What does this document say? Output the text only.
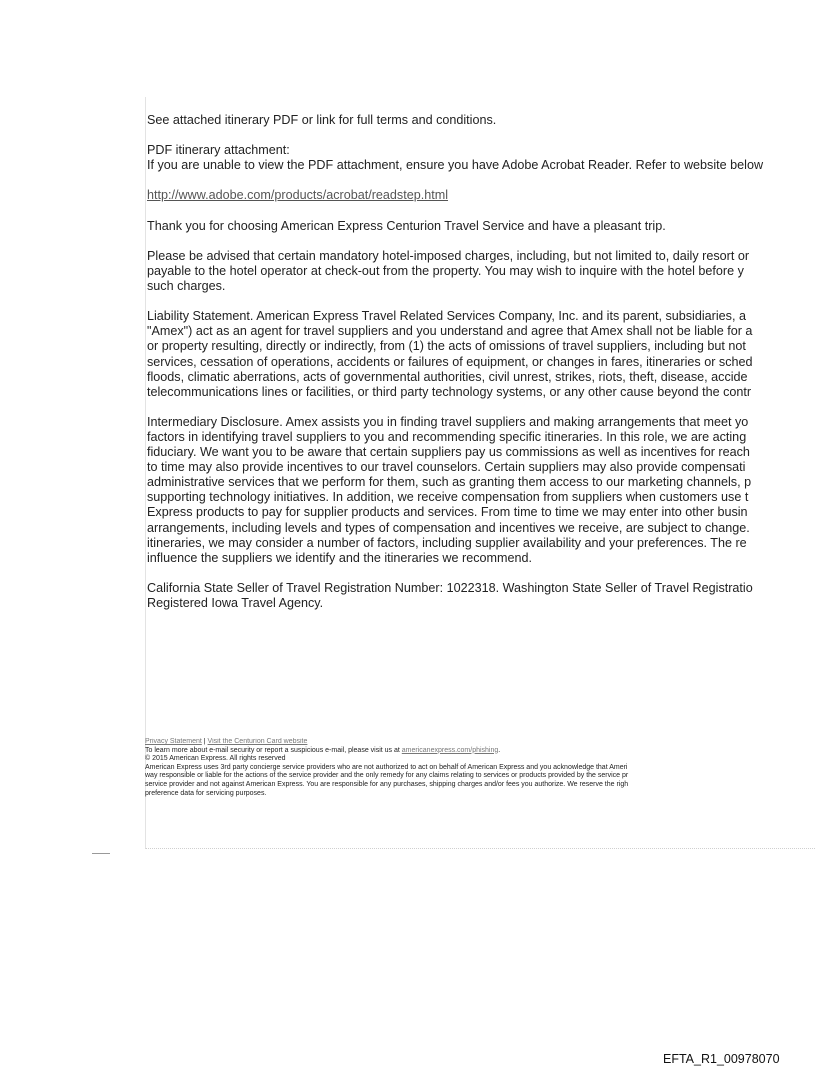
See attached itinerary PDF or link for full terms and conditions.
PDF itinerary attachment:
If you are unable to view the PDF attachment, ensure you have Adobe Acrobat Reader. Refer to website below
http://www.adobe.com/products/acrobat/readstep.html
Thank you for choosing American Express Centurion Travel Service and have a pleasant trip.
Please be advised that certain mandatory hotel-imposed charges, including, but not limited to, daily resort or
payable to the hotel operator at check-out from the property. You may wish to inquire with the hotel before y
such charges.
Liability Statement. American Express Travel Related Services Company, Inc. and its parent, subsidiaries, a
"Amex") act as an agent for travel suppliers and you understand and agree that Amex shall not be liable for a
or property resulting, directly or indirectly, from (1) the acts of omissions of travel suppliers, including but not
services, cessation of operations, accidents or failures of equipment, or changes in fares, itineraries or sched
floods, climatic aberrations, acts of governmental authorities, civil unrest, strikes, riots, theft, disease, accide
telecommunications lines or facilities, or third party technology systems, or any other cause beyond the contr
Intermediary Disclosure. Amex assists you in finding travel suppliers and making arrangements that meet yo
factors in identifying travel suppliers to you and recommending specific itineraries. In this role, we are acting
fiduciary. We want you to be aware that certain suppliers pay us commissions as well as incentives for reach
to time may also provide incentives to our travel counselors. Certain suppliers may also provide compensati
administrative services that we perform for them, such as granting them access to our marketing channels, p
supporting technology initiatives. In addition, we receive compensation from suppliers when customers use t
Express products to pay for supplier products and services. From time to time we may enter into other busin
arrangements, including levels and types of compensation and incentives we receive, are subject to change.
itineraries, we may consider a number of factors, including supplier availability and your preferences. The re
influence the suppliers we identify and the itineraries we recommend.
California State Seller of Travel Registration Number: 1022318. Washington State Seller of Travel Registratio
Registered Iowa Travel Agency.
Privacy Statement | Visit the Centurion Card website
To learn more about e-mail security or report a suspicious e-mail, please visit us at americanexpress.com/phishing.
© 2015 American Express. All rights reserved
American Express uses 3rd party concierge service providers who are not authorized to act on behalf of American Express and you acknowledge that Ameri
way responsible or liable for the actions of the service provider and the only remedy for any claims relating to services or products provided by the service pr
service provider and not against American Express. You are responsible for any purchases, shipping charges and/or fees you authorize. We reserve the righ
preference data for servicing purposes.
EFTA_R1_00978070
